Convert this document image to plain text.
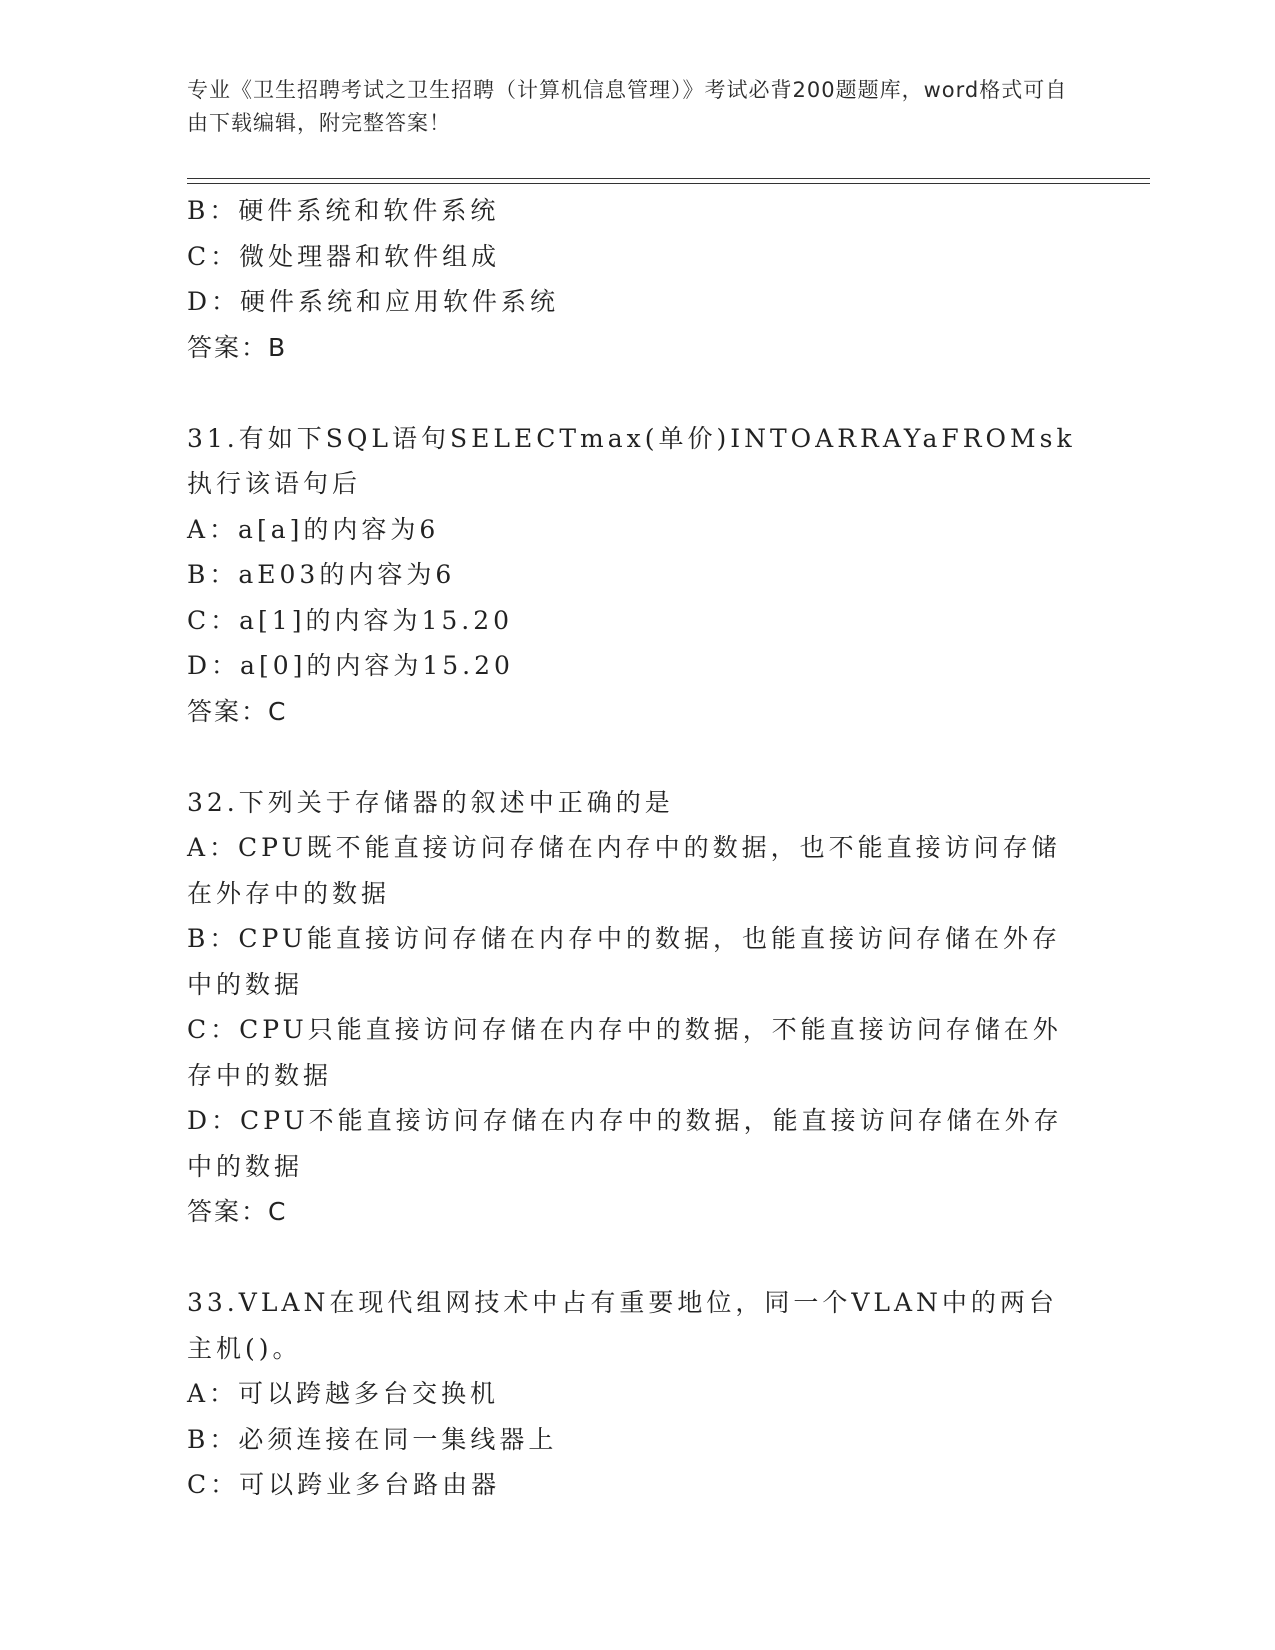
专业《卫生招聘考试之卫生招聘（计算机信息管理）》考试必背200题题库，word格式可自由下载编辑，附完整答案！
B：硬件系统和软件系统
C：微处理器和软件组成
D：硬件系统和应用软件系统
答案：B
31.有如下SQL语句SELECTmax(单价)INTOARRAYaFROMsk执行该语句后
A：a[a]的内容为6
B：aE03的内容为6
C：a[1]的内容为15.20
D：a[0]的内容为15.20
答案：C
32.下列关于存储器的叙述中正确的是
A：CPU既不能直接访问存储在内存中的数据，也不能直接访问存储在外存中的数据
B：CPU能直接访问存储在内存中的数据，也能直接访问存储在外存中的数据
C：CPU只能直接访问存储在内存中的数据，不能直接访问存储在外存中的数据
D：CPU不能直接访问存储在内存中的数据，能直接访问存储在外存中的数据
答案：C
33.VLAN在现代组网技术中占有重要地位，同一个VLAN中的两台主机()。
A：可以跨越多台交换机
B：必须连接在同一集线器上
C：可以跨业多台路由器
